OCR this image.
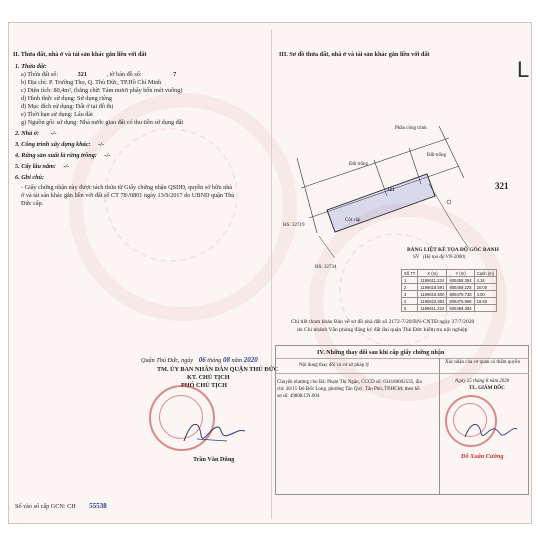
II. Thửa đất, nhà ở và tài sản khác gắn liền với đất
1. Thửa đất:
a) Thửa đất số:	321	, tờ bản đồ số:	7
b) Địa chỉ: P. Trường Thọ, Q. Thủ Đức, TP.Hồ Chí Minh
c) Diện tích: 80,4m², (bằng chữ: Tám mươi phẩy bốn mét vuông)
d) Hình thức sử dụng: Sử dụng riêng
đ) Mục đích sử dụng: Đất ở tại đô thị
e) Thời hạn sử dụng: Lâu dài
g) Nguồn gốc sử dụng: Nhà nước giao đất có thu tiền sử dụng đất
2. Nhà ở: -/-
3. Công trình xây dựng khác: -/-
4. Rừng sản xuất là rừng trồng: -/-
5. Cây lâu năm: -/-
6. Ghi chú:
- Giấy chứng nhận này được tách thửa từ Giấy chứng nhận QSDĐ, quyền sở hữu nhà
ở và tài sản khác gắn liền với đất số CT 78\/0801 ngày 13/9/2017 do UBND quận Thủ
Đức cấp.
Quận Thủ Đức, ngày 06 tháng 08 năm 2020
TM. ỦY BAN NHÂN DÂN QUẬN THỦ ĐỨC
KT. CHỦ TỊCH
PHÓ CHỦ TỊCH
Trần Văn Dũng
Số vào sổ cấp GCN: CH 55538
III. Sơ đồ thửa đất, nhà ở và tài sản khác gắn liền với đất
L
Phần công trình
Đất trống
Đất trống
Cột cấp
HS: 32719
HS: 32734
321
SV
321
BẢNG LIỆT KÊ TỌA ĐỘ GÓC RANH
(Hệ tọa độ VN-2000)
Số TT	X (m)	Y (m)	Cạnh (m)
1	1196611.224	605458.384	4.34
2	1196618.591	605458.225	20.00
3	1196618.500	605478.736	4.00
4	1196622.684	605475.986	18.50
5	1196611.224	605458.384	
Chỉ tiết tham khảo Bản vẽ sơ đồ nhà đất số 2172-7/20/BN-CNTĐ ngày 27/7/2020
do Chi nhánh Văn phòng đăng ký đất đai quận Thủ Đức kiểm tra nội nghiệp
IV. Những thay đổi sau khi cấp giấy chứng nhận
Nội dung thay đổi và cơ sở pháp lý
Xác nhận của cơ quan có thẩm quyền
Chuyển nhượng cho Bà: Phạm Thị Ngân, CCCD số: 034180002535, địa
chỉ: 30/15 Đô Đốc Long, phường Tân Quý, Tân Phú, TP.HCM; theo hồ
sơ số: 49808.CN.004
Ngày 25 tháng 8 năm 2020
TL. GIÁM ĐỐC
Đỗ Xuân Cường
